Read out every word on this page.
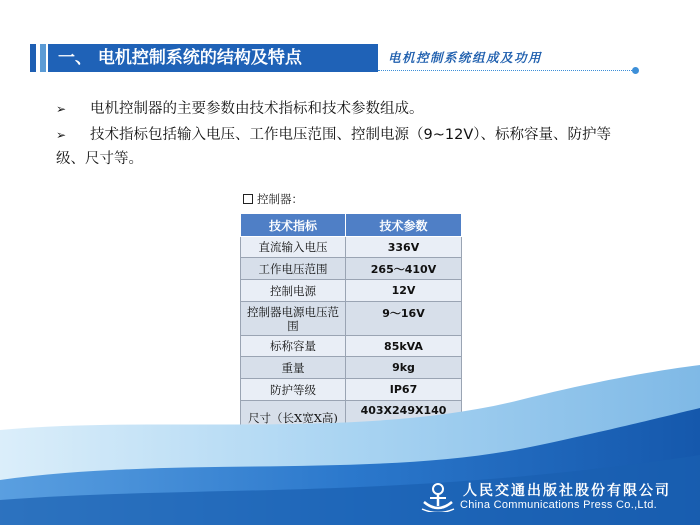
一、 电机控制系统的结构及特点	电机控制系统组成及功用
➢ 电机控制器的主要参数由技术指标和技术参数组成。
➢ 技术指标包括输入电压、工作电压范围、控制电源（9~12V）、标称容量、防护等级、尺寸等。
控制器：
技术指标	技术参数
直流输入电压	336V
工作电压范围	265～410V
控制电源	12V
控制器电源电压范围	9～16V
标称容量	85kVA
重量	9kg
防护等级	IP67
尺寸（长X宽X高)	403X249X140
人民交通出版社股份有限公司
China Communications Press Co.,Ltd.
